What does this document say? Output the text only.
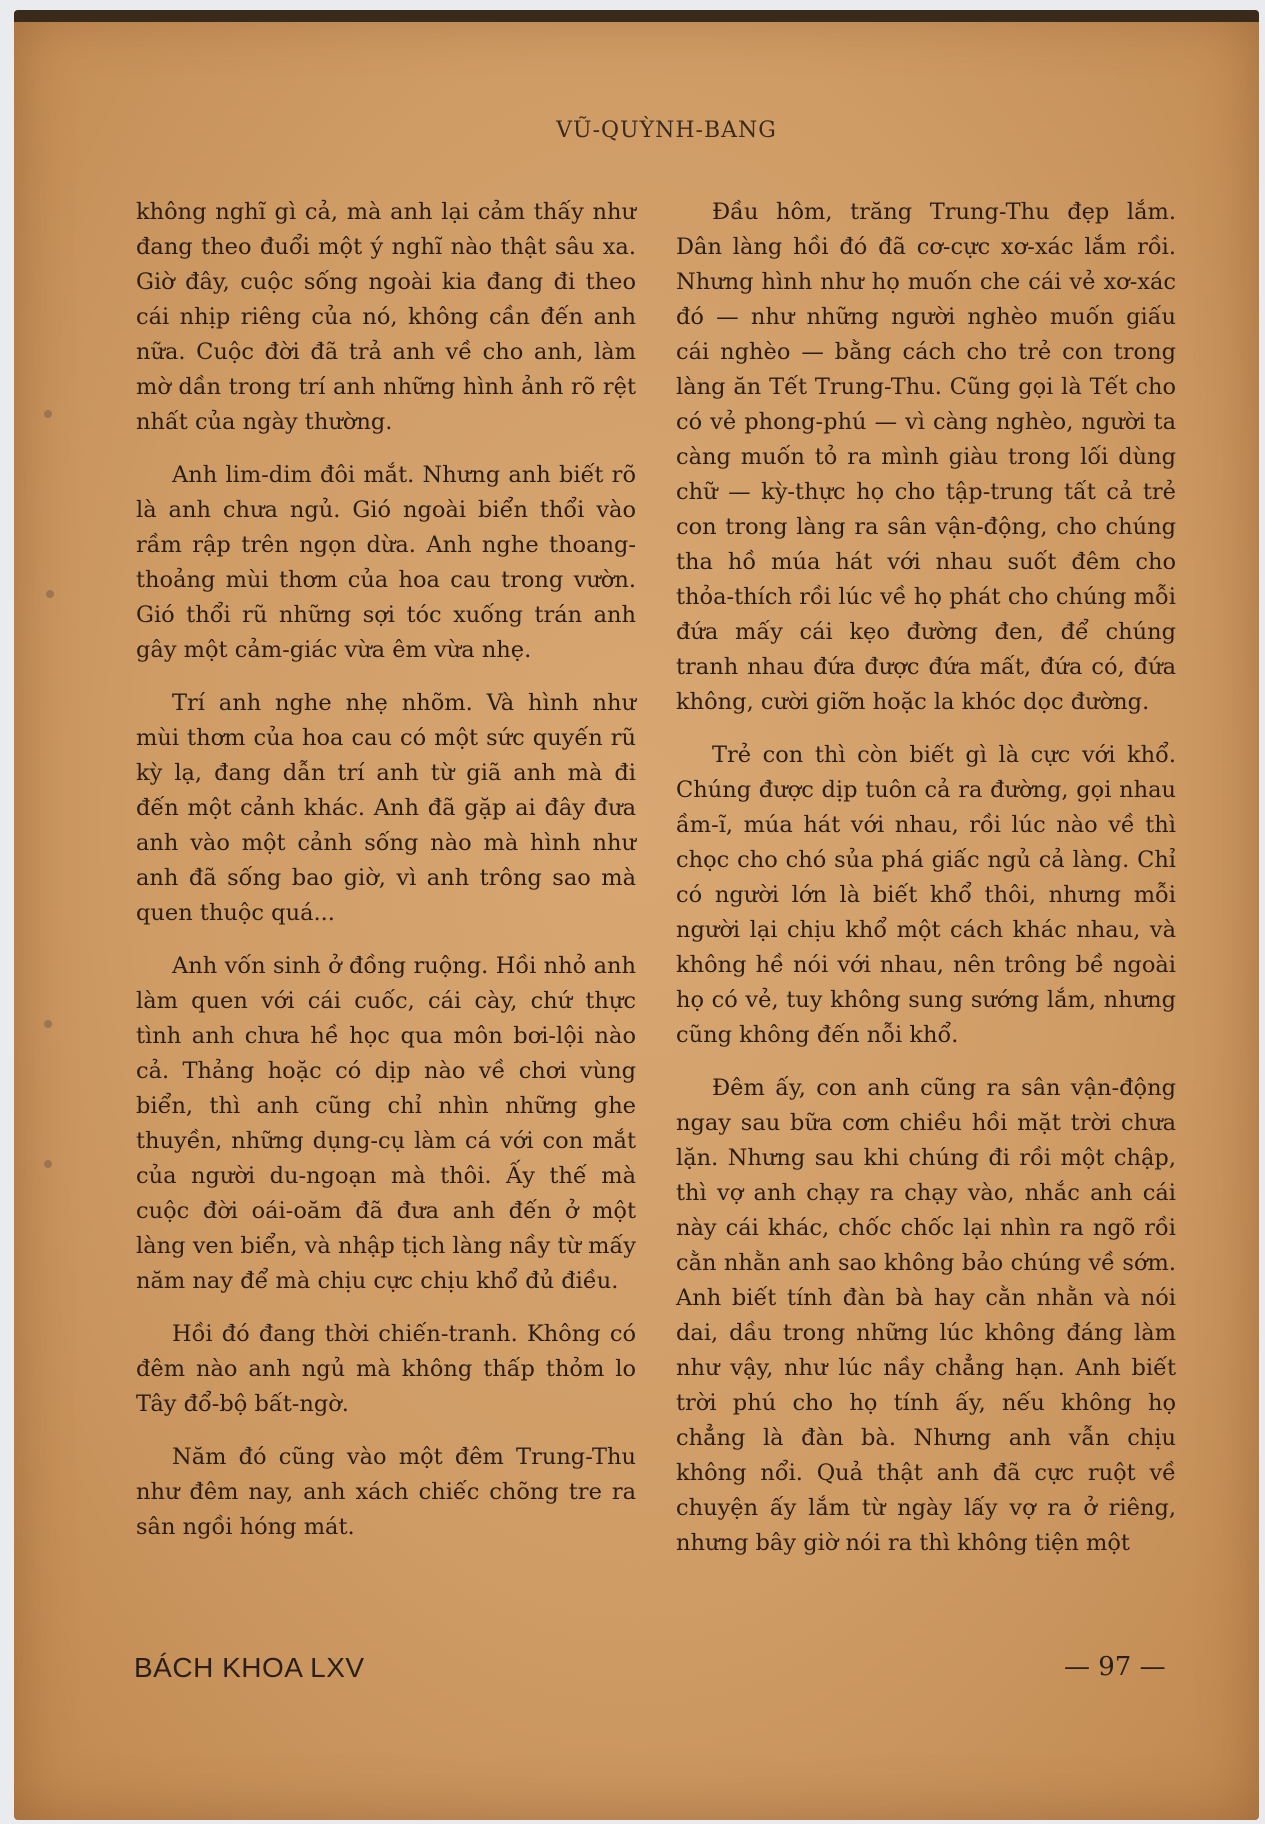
VŨ-QUỲNH-BANG

không nghĩ gì cả, mà anh lại cảm thấy như đang theo đuổi một ý nghĩ nào thật sâu xa. Giờ đây, cuộc sống ngoài kia đang đi theo cái nhịp riêng của nó, không cần đến anh nữa. Cuộc đời đã trả anh về cho anh, làm mờ dần trong trí anh những hình ảnh rõ rệt nhất của ngày thường.

Anh lim-dim đôi mắt. Nhưng anh biết rõ là anh chưa ngủ. Gió ngoài biển thổi vào rầm rập trên ngọn dừa. Anh nghe thoang-thoảng mùi thơm của hoa cau trong vườn. Gió thổi rũ những sợi tóc xuống trán anh gây một cảm-giác vừa êm vừa nhẹ.

Trí anh nghe nhẹ nhõm. Và hình như mùi thơm của hoa cau có một sức quyến rũ kỳ lạ, đang dẫn trí anh từ giã anh mà đi đến một cảnh khác. Anh đã gặp ai đây đưa anh vào một cảnh sống nào mà hình như anh đã sống bao giờ, vì anh trông sao mà quen thuộc quá...

Anh vốn sinh ở đồng ruộng. Hồi nhỏ anh làm quen với cái cuốc, cái cày, chứ thực tình anh chưa hề học qua môn bơi-lội nào cả. Thảng hoặc có dịp nào về chơi vùng biển, thì anh cũng chỉ nhìn những ghe thuyền, những dụng-cụ làm cá với con mắt của người du-ngoạn mà thôi. Ấy thế mà cuộc đời oái-oăm đã đưa anh đến ở một làng ven biển, và nhập tịch làng nầy từ mấy năm nay để mà chịu cực chịu khổ đủ điều.

Hồi đó đang thời chiến-tranh. Không có đêm nào anh ngủ mà không thấp thỏm lo Tây đổ-bộ bất-ngờ.

Năm đó cũng vào một đêm Trung-Thu như đêm nay, anh xách chiếc chõng tre ra sân ngồi hóng mát.

Đầu hôm, trăng Trung-Thu đẹp lắm. Dân làng hồi đó đã cơ-cực xơ-xác lắm rồi. Nhưng hình như họ muốn che cái vẻ xơ-xác đó — như những người nghèo muốn giấu cái nghèo — bằng cách cho trẻ con trong làng ăn Tết Trung-Thu. Cũng gọi là Tết cho có vẻ phong-phú — vì càng nghèo, người ta càng muốn tỏ ra mình giàu trong lối dùng chữ — kỳ-thực họ cho tập-trung tất cả trẻ con trong làng ra sân vận-động, cho chúng tha hồ múa hát với nhau suốt đêm cho thỏa-thích rồi lúc về họ phát cho chúng mỗi đứa mấy cái kẹo đường đen, để chúng tranh nhau đứa được đứa mất, đứa có, đứa không, cười giỡn hoặc la khóc dọc đường.

Trẻ con thì còn biết gì là cực với khổ. Chúng được dịp tuôn cả ra đường, gọi nhau ầm-ĩ, múa hát với nhau, rồi lúc nào về thì chọc cho chó sủa phá giấc ngủ cả làng. Chỉ có người lớn là biết khổ thôi, nhưng mỗi người lại chịu khổ một cách khác nhau, và không hề nói với nhau, nên trông bề ngoài họ có vẻ, tuy không sung sướng lắm, nhưng cũng không đến nỗi khổ.

Đêm ấy, con anh cũng ra sân vận-động ngay sau bữa cơm chiều hồi mặt trời chưa lặn. Nhưng sau khi chúng đi rồi một chập, thì vợ anh chạy ra chạy vào, nhắc anh cái này cái khác, chốc chốc lại nhìn ra ngõ rồi cằn nhằn anh sao không bảo chúng về sớm. Anh biết tính đàn bà hay cằn nhằn và nói dai, dầu trong những lúc không đáng làm như vậy, như lúc nầy chẳng hạn. Anh biết trời phú cho họ tính ấy, nếu không họ chẳng là đàn bà. Nhưng anh vẫn chịu không nổi. Quả thật anh đã cực ruột về chuyện ấy lắm từ ngày lấy vợ ra ở riêng, nhưng bây giờ nói ra thì không tiện một

BÁCH KHOA LXV	— 97 —
